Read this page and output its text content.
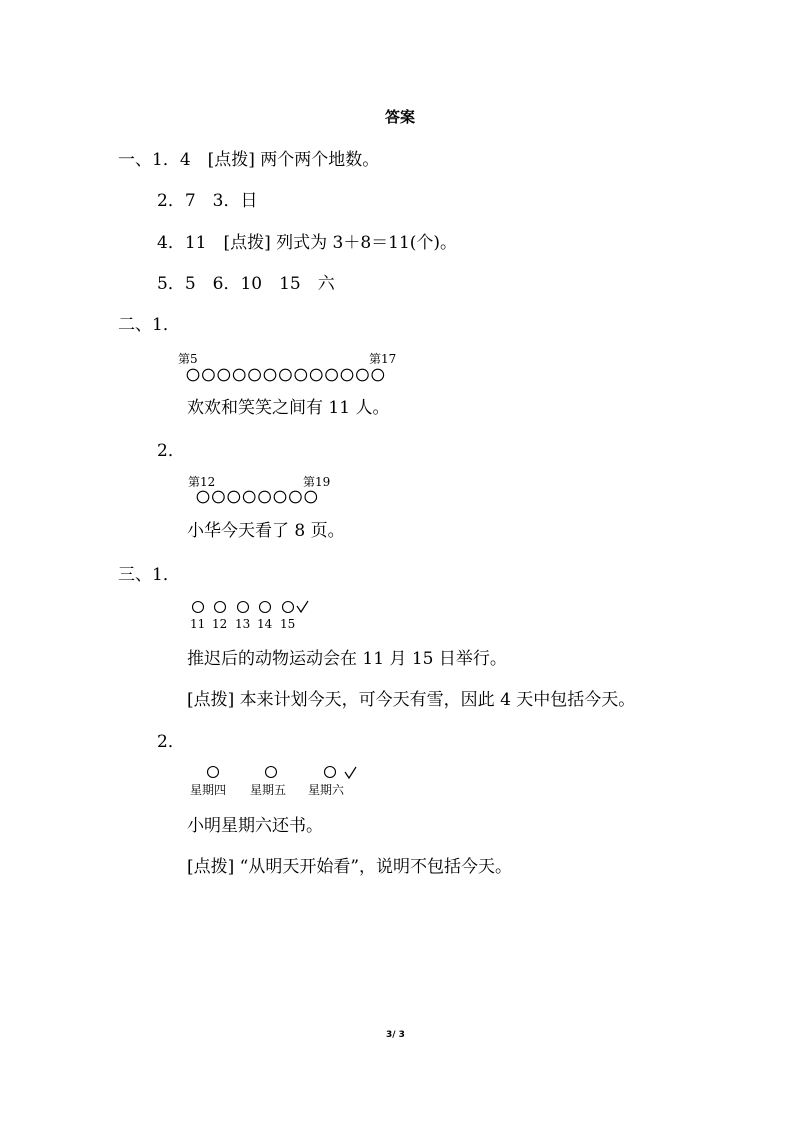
答案
一、1．4　[点拨] 两个两个地数。
2．7　3．日
4．11　[点拨] 列式为 3＋8＝11(个)。
5．5　6．10　15　六
二、1．
第5	第17
欢欢和笑笑之间有 11 人。
2．
第12	第19
小华今天看了 8 页。
三、1．
11 12 13 14 15
推迟后的动物运动会在 11 月 15 日举行。
[点拨] 本来计划今天，可今天有雪，因此 4 天中包括今天。
2．
星期四 星期五 星期六
小明星期六还书。
[点拨] “从明天开始看”，说明不包括今天。
3/ 3
